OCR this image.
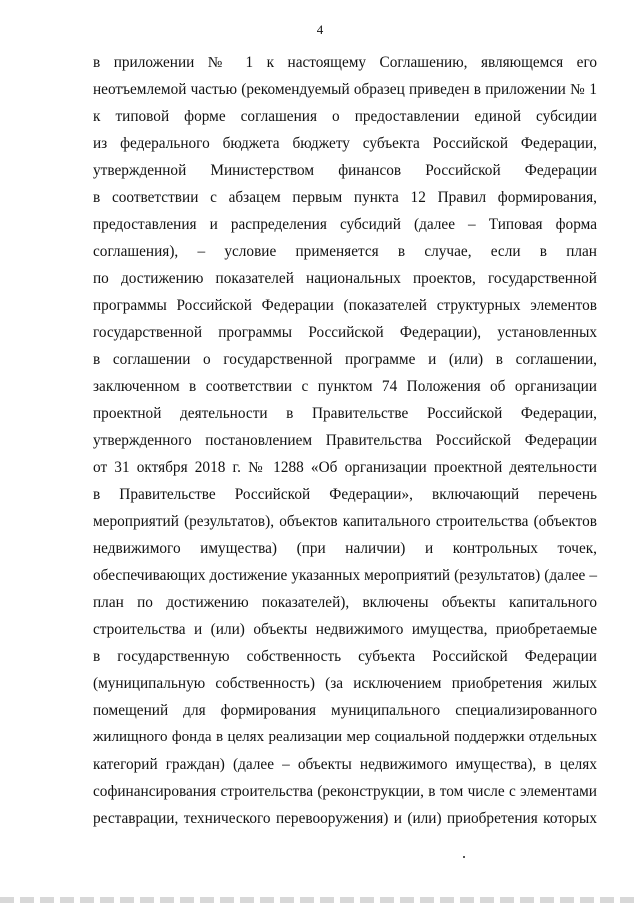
4
в приложении № 1 к настоящему Соглашению, являющемся его
неотъемлемой частью (рекомендуемый образец приведен в приложении № 1
к типовой форме соглашения о предоставлении единой субсидии
из федерального бюджета бюджету субъекта Российской Федерации,
утвержденной Министерством финансов Российской Федерации
в соответствии с абзацем первым пункта 12 Правил формирования,
предоставления и распределения субсидий (далее – Типовая форма
соглашения), – условие применяется в случае, если в план
по достижению показателей национальных проектов, государственной
программы Российской Федерации (показателей структурных элементов
государственной программы Российской Федерации), установленных
в соглашении о государственной программе и (или) в соглашении,
заключенном в соответствии с пунктом 74 Положения об организации
проектной деятельности в Правительстве Российской Федерации,
утвержденного постановлением Правительства Российской Федерации
от 31 октября 2018 г. № 1288 «Об организации проектной деятельности
в Правительстве Российской Федерации», включающий перечень
мероприятий (результатов), объектов капитального строительства (объектов
недвижимого имущества) (при наличии) и контрольных точек,
обеспечивающих достижение указанных мероприятий (результатов) (далее –
план по достижению показателей), включены объекты капитального
строительства и (или) объекты недвижимого имущества, приобретаемые
в государственную собственность субъекта Российской Федерации
(муниципальную собственность) (за исключением приобретения жилых
помещений для формирования муниципального специализированного
жилищного фонда в целях реализации мер социальной поддержки отдельных
категорий граждан) (далее – объекты недвижимого имущества), в целях
софинансирования строительства (реконструкции, в том числе с элементами
реставрации, технического перевооружения) и (или) приобретения которых
